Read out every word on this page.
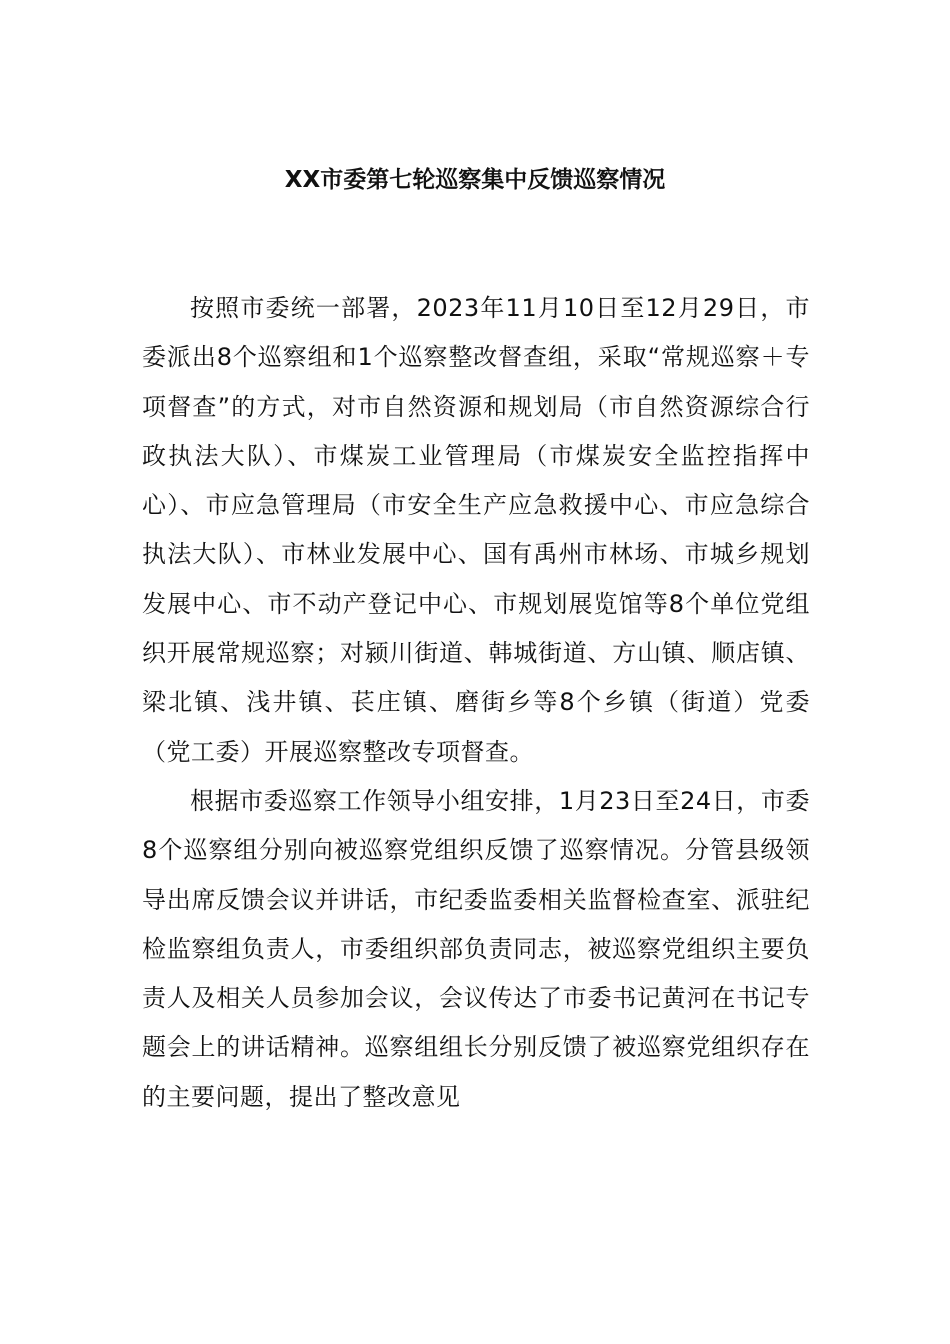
XX市委第七轮巡察集中反馈巡察情况

按照市委统一部署，2023年11月10日至12月29日，市委派出8个巡察组和1个巡察整改督查组，采取“常规巡察＋专项督查”的方式，对市自然资源和规划局（市自然资源综合行政执法大队）、市煤炭工业管理局（市煤炭安全监控指挥中心）、市应急管理局（市安全生产应急救援中心、市应急综合执法大队）、市林业发展中心、国有禹州市林场、市城乡规划发展中心、市不动产登记中心、市规划展览馆等8个单位党组织开展常规巡察；对颍川街道、韩城街道、方山镇、顺店镇、梁北镇、浅井镇、苌庄镇、磨街乡等8个乡镇（街道）党委（党工委）开展巡察整改专项督查。

根据市委巡察工作领导小组安排，1月23日至24日，市委8个巡察组分别向被巡察党组织反馈了巡察情况。分管县级领导出席反馈会议并讲话，市纪委监委相关监督检查室、派驻纪检监察组负责人，市委组织部负责同志，被巡察党组织主要负责人及相关人员参加会议，会议传达了市委书记黄河在书记专题会上的讲话精神。巡察组组长分别反馈了被巡察党组织存在的主要问题，提出了整改意见
